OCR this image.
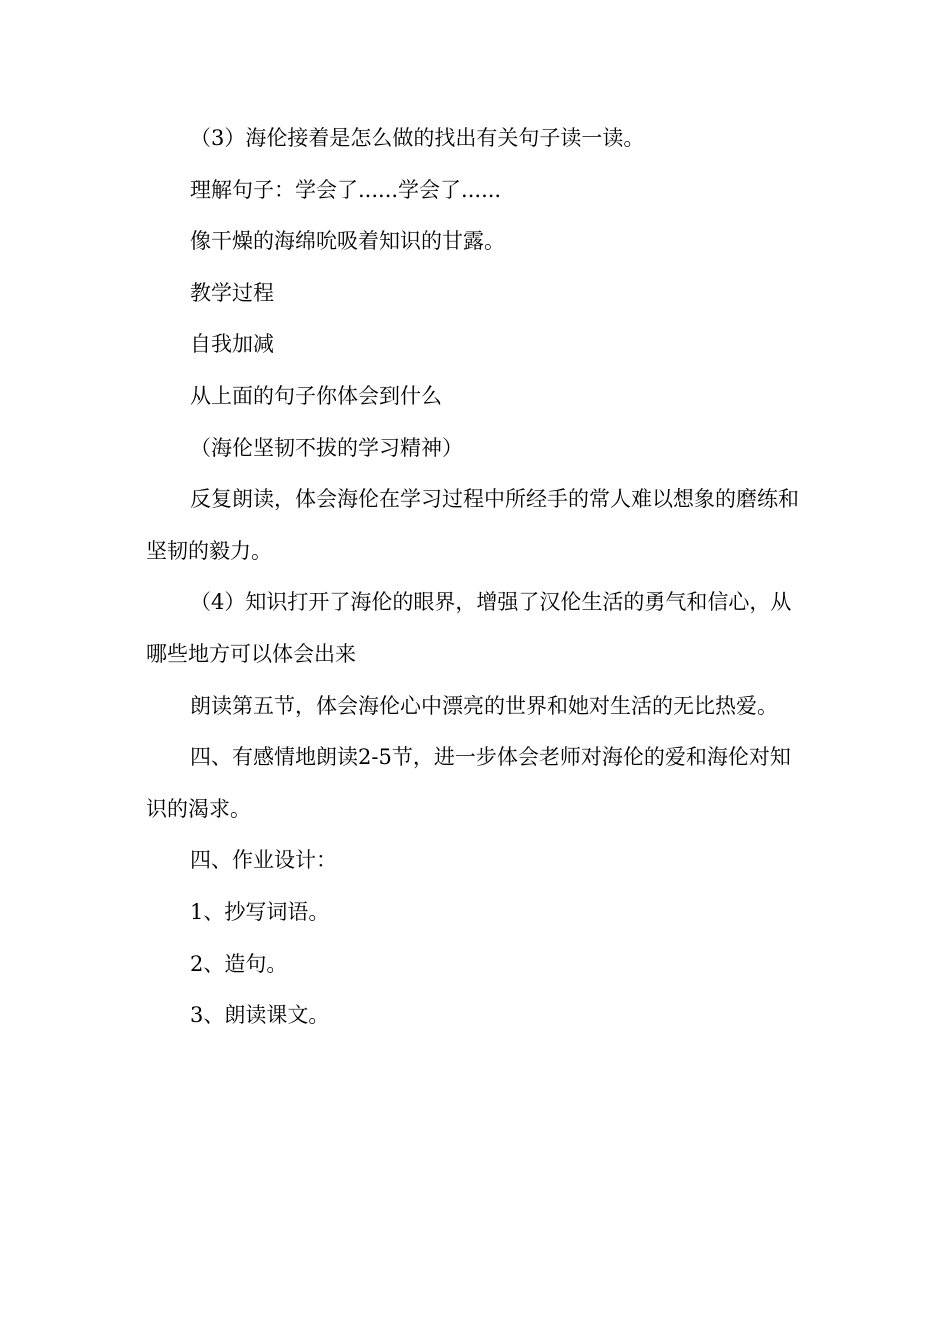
（3）海伦接着是怎么做的找出有关句子读一读。

理解句子：学会了......学会了......

像干燥的海绵吮吸着知识的甘露。

教学过程

自我加减

从上面的句子你体会到什么

（海伦坚韧不拔的学习精神）

反复朗读，体会海伦在学习过程中所经手的常人难以想象的磨练和坚韧的毅力。

（4）知识打开了海伦的眼界，增强了汉伦生活的勇气和信心，从哪些地方可以体会出来

朗读第五节，体会海伦心中漂亮的世界和她对生活的无比热爱。

四、有感情地朗读2-5节，进一步体会老师对海伦的爱和海伦对知识的渴求。

四、作业设计：

1、抄写词语。

2、造句。

3、朗读课文。
